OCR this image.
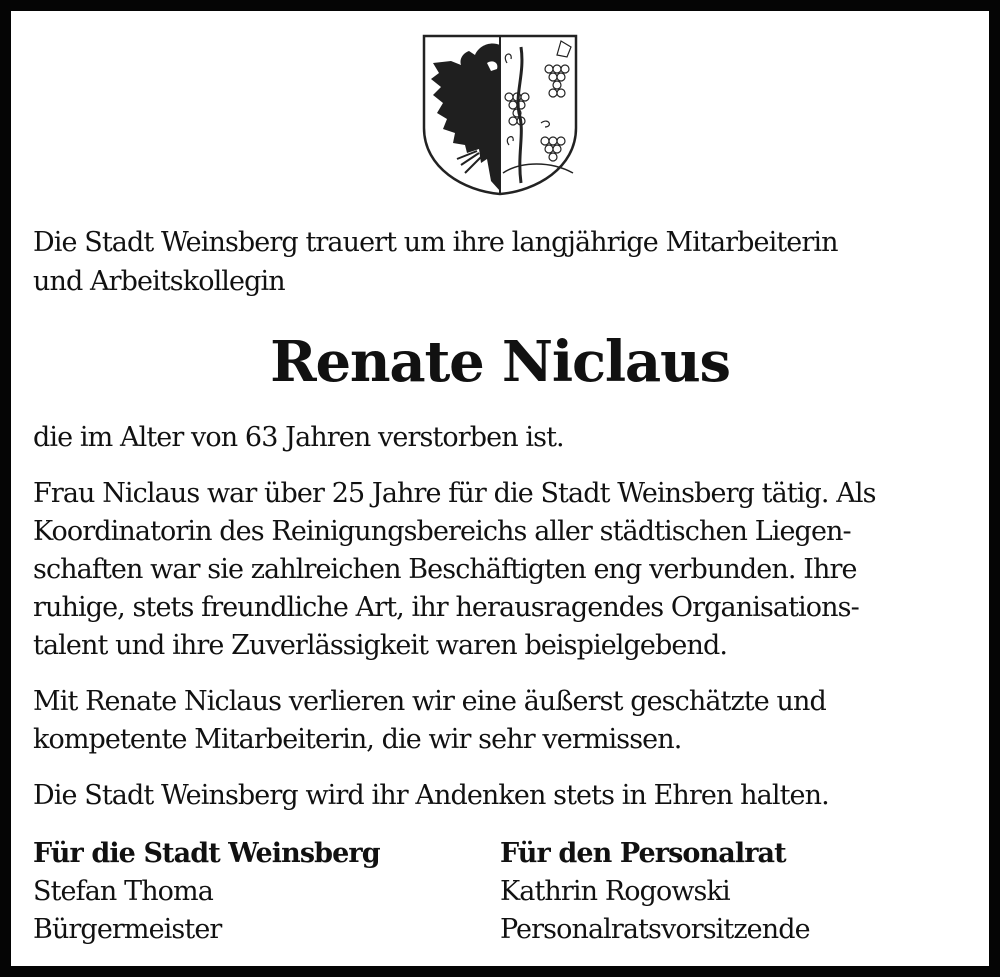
Die Stadt Weinsberg trauert um ihre langjährige Mitarbeiterin
und Arbeitskollegin
Renate Niclaus
die im Alter von 63 Jahren verstorben ist.
Frau Niclaus war über 25 Jahre für die Stadt Weinsberg tätig. Als
Koordinatorin des Reinigungsbereichs aller städtischen Liegen-
schaften war sie zahlreichen Beschäftigten eng verbunden. Ihre
ruhige, stets freundliche Art, ihr herausragendes Organisations-
talent und ihre Zuverlässigkeit waren beispielgebend.
Mit Renate Niclaus verlieren wir eine äußerst geschätzte und
kompetente Mitarbeiterin, die wir sehr vermissen.
Die Stadt Weinsberg wird ihr Andenken stets in Ehren halten.
Für die Stadt Weinsberg
Stefan Thoma
Bürgermeister
Für den Personalrat
Kathrin Rogowski
Personalratsvorsitzende
